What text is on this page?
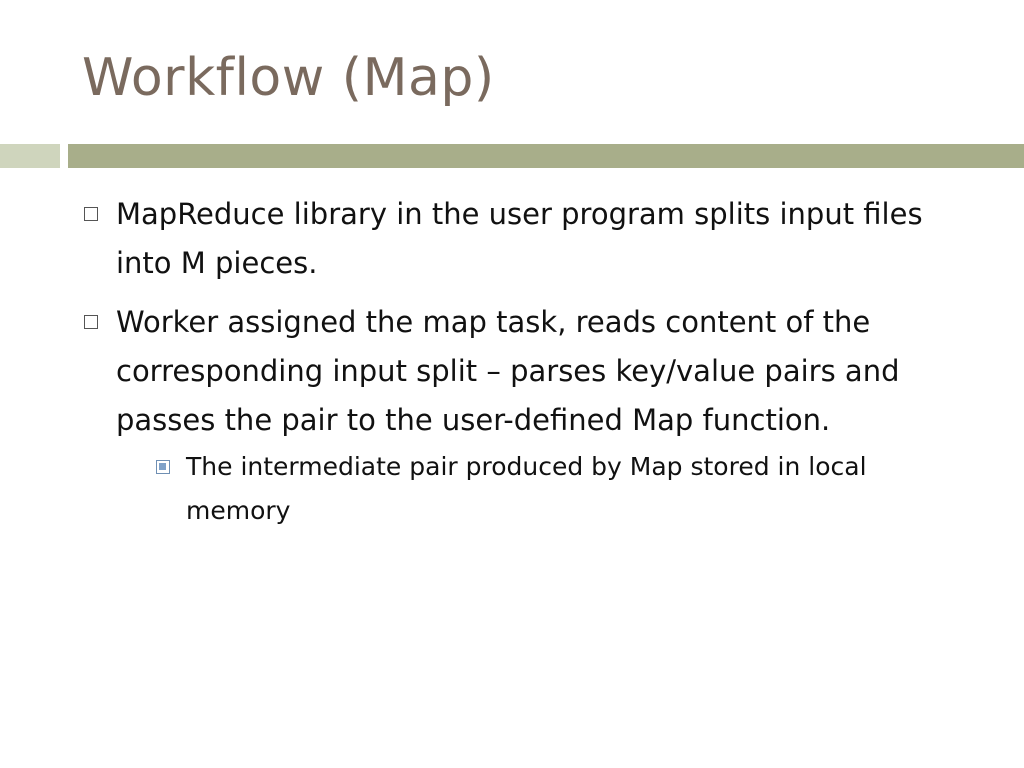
Workflow (Map)
MapReduce library in the user program splits input files into M pieces.
Worker assigned the map task, reads content of the corresponding input split – parses key/value pairs and passes the pair to the user-defined Map function.
The intermediate pair produced by Map stored in local memory
